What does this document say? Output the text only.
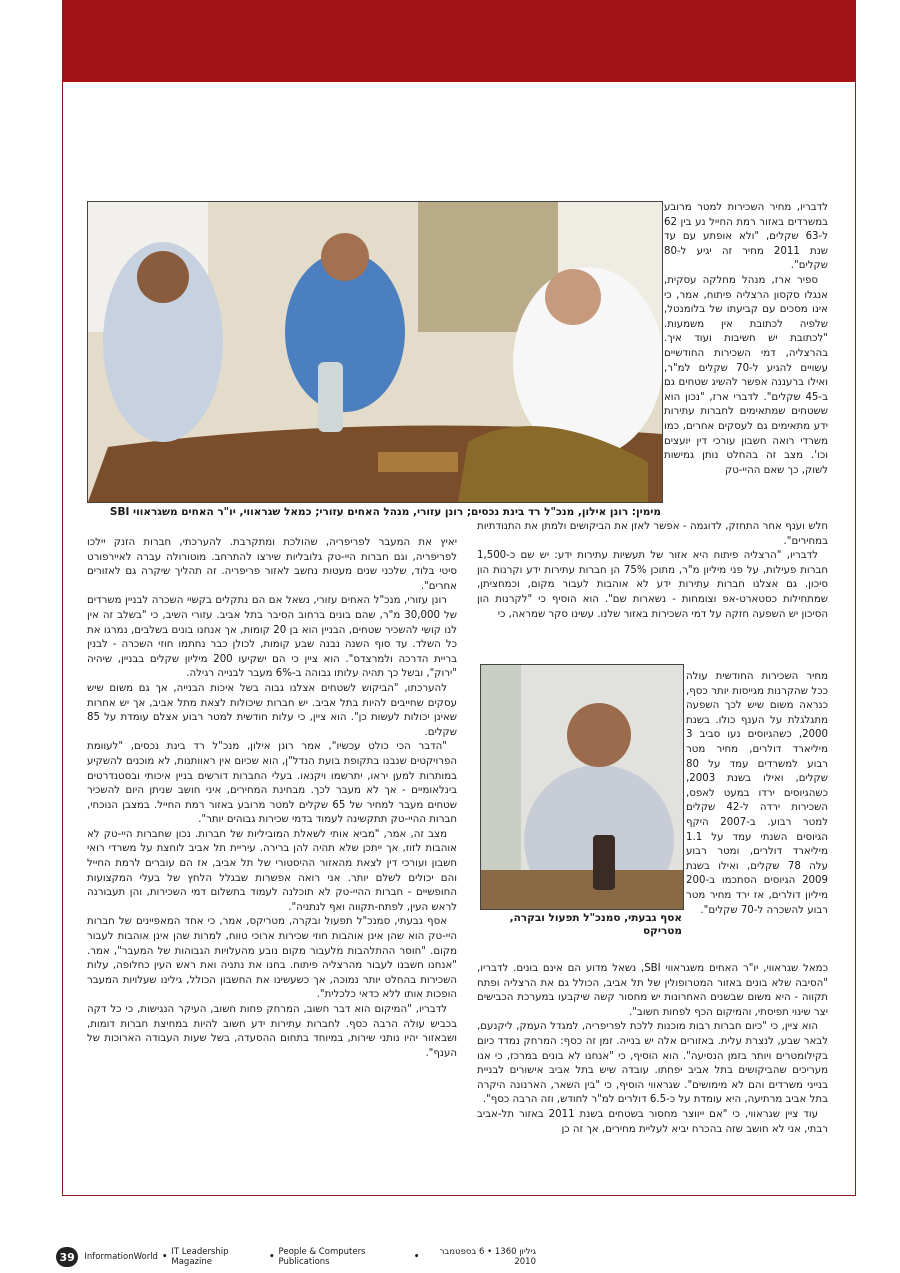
לדבריו, מחיר השכירות למטר מרובע במשרדים באזור רמת החייל נע בין 62 ל-63 שקלים, "ולא אופתע עם עד שנת 2011 מחיר זה יגיע ל-80 שקלים".

ספיר ארז, מנהל מחלקה עסקית, אנגלו סקסון הרצליה פיתוח, אמר, כי אינו מסכים עם קביעתו של בלומנטל, שלפיה לכתובת אין משמעות. "לכתובת יש חשיבות ועוד איך. בהרצליה, דמי השכירות החודשיים עשויים להגיע ל-70 שקלים למ"ר, ואילו ברעננה אפשר להשיג שטחים גם ב-45 שקלים". לדברי ארז, "נכון הוא ששטחים שמתאימים לחברות עתירות ידע מתאימים גם לעסקים אחרים, כמו משרדי רואה חשבון עורכי דין יועצים וכו'. מצב זה בהחלט נותן גמישות לשוק, כך שאם ההיי-טק

מימין: רונן אילון, מנכ"ל רד בינת נכסים; רונן עזורי, מנהל האחים עזורי; כמאל שגראווי, יו"ר האחים משגראווי SBI

חלש וענף אחר התחזק, לדוגמה - אפשר לאזן את הביקושים ולמתן את התנודתיות במחירים".

לדבריו, "הרצליה פיתוח היא אזור של תעשיות עתירות ידע: יש שם כ-1,500 חברות פעילות, על פני מיליון מ"ר, מתוכן 75% הן חברות עתירות ידע וקרנות הון סיכון. גם אצלנו חברות עתירות ידע לא אוהבות לעבור מקום, וכמחציתן, שמתחילות כסטארט-אפ וצומחות - נשארות שם". הוא הוסיף כי "לקרנות הון הסיכון יש השפעה חזקה על דמי השכירות באזור שלנו. עשינו סקר שמראה, כי

אסף גבעתי, סמנכ"ל תפעול ובקרה, מטריקס

מחיר השכירות החודשית עולה ככל שהקרנות מגייסות יותר כסף, כנראה משום שיש לכך השפעה מתגלגלת על הענף כולו. בשנת 2000, כשהגיוסים נעו סביב 3 מיליארד דולרים, מחיר מטר רבוע למשרדים עמד על 80 שקלים, ואילו בשנת 2003, כשהגיוסים ירדו במעט לאפס, השכירות ירדה ל-42 שקלים למטר רבוע. ב-2007 היקף הגיוסים השנתי עמד על 1.1 מיליארד דולרים, ומטר רבוע עלה 78 שקלים, ואילו בשנת 2009 הגיוסים הסתכמו ב-200 מיליון דולרים, אז ירד מחיר מטר רבוע להשכרה ל-70 שקלים".

כמאל שגראווי, יו"ר האחים משגראווי SBI, נשאל מדוע הם אינם בונים. לדבריו, "הסיבה שלא בונים באזור המטרופולין של תל אביב, הכולל גם את הרצליה ופתח תקווה - היא משום שבשנים האחרונות יש מחסור קשה שיקבעו במערכת הכבישים יצר שינוי תפיסתי, והמיקום הכף לפחות חשוב".

הוא ציין, כי "כיום חברות רבות מוכנות ללכת לפריפריה, למגדל העמק, ליקנעם, לבאר שבע, לנצרת עלית. באזורים אלה יש בנייה. זמן זה כסף: המרחק נמדד כיום בקילומטרים ויותר בזמן הנסיעה". הוא הוסיף, כי "אנחנו לא בונים במרכז, כי אנו מעריכים שהביקושים בתל אביב יפחתו. עובדה שיש בתל אביב אישורים לבניית בנייני משרדים והם לא מימושים". שגראווי הוסיף, כי "בין השאר, הארנונה היקרה בתל אביב מרתיעה, היא עומדת על כ-6.5 דולרים למ"ר לחודש, וזה הרבה כסף".

עוד ציין שגראווי, כי "אם ייווצר מחסור בשטחים בשנת 2011 באזור תל-אביב רבתי, אני לא חושב שזה בהכרח יביא לעליית מחירים, אך זה כן

יאיץ את המעבר לפריפריה, שהולכת ומתקרבת. להערכתי, חברות הזנק יילכו לפריפריה, וגם חברות היי-טק גלובליות שירצו להתרחב. מוטורולה עברה לאיירפורט סיטי בלוד, שלכני שנים מעטות נחשב לאזור פריפריה. זה תהליך שיקרה גם לאזורים אחרים".

רונן עזורי, מנכ"ל האחים עזורי, נשאל אם הם נתקלים בקשיי השכרה לבניין משרדים של 30,000 מ"ר, שהם בונים ברחוב הסיבר בתל אביב. עזורי השיב, כי "בשלב זה אין לנו קושי להשכיר שטחים, הבניין הוא בן 20 קומות, אך אנחנו בונים בשלבים, נמרגו את כל השלד. עד סוף השנה נבנה שבע קומות, לכולן כבר נחתמו חוזי השכרה - לבנין בריית הדרכה ולמרצדס". הוא ציין כי הם ישקיעו 200 מיליון שקלים בבניין, שיהיה "ירוק", ובשל כך תהיה עלותו גבוהה ב-6% מעבר לבנייה רגילה.

להערכתו, "הביקוש לשטחים אצלנו גבוה בשל איכות הבנייה, אך גם משום שיש עסקים שחייבים להיות בתל אביב. יש חברות שיכולות לצאת מתל אביב, אך יש אחרות שאינן יכולות לעשות כן". הוא ציין, כי עלות חודשית למטר רבוע אצלם עומדת על 85 שקלים.

"הדבר הכי כולט עכשיו", אמר רונן אילון, מנכ"ל רד בינת נכסים, "לעוומת הפרויקטים שנבנו בתקופת בועת הנדל"ן, הוא שכיום אין ראוותנות, לא מוכנים להשקיע במותרות למען יראו, יתרשמו ויקנאו. בעלי החברות דורשים בניין איכותי ובסטנדרטים בינלאומיים - אך לא מעבר לכך. מבחינת המחירים, איני חושב שניתן היום להשכיר שטחים מעבר למחיר של 65 שקלים למטר מרובע באזור רמת החייל. במצבן הנוכחי, חברות ההיי-טק תתקשינה לעמוד בדמי שכירות גבוהים יותר".

מצב זה, אמר, "מביא אותי לשאלת המוביליות של חברות. נכון שחברות היי-טק לא אוהבות לזוז, אך ייתכן שלא תהיה להן ברירה. עיריית תל אביב לוחצת על משרדי רואי חשבון ועורכי דין לצאת מהאזור ההיסטורי של תל אביב, אז הם עוברים לרמת החייל והם יכולים לשלם יותר. אני רואה אפשרות שבגלל הלחץ של בעלי המקצועות החופשיים - חברות ההיי-טק לא תוכלנה לעמוד בתשלום דמי השכירות, והן תעבורנה לראש העין, לפתח-תקווה ואף לנתניה".

אסף גבעתי, סמנכ"ל תפעול ובקרה, מטריקס, אמר, כי אחד המאפיינים של חברות היי-טק הוא שהן אינן אוהבות חוזי שכירות ארוכי טווח, למרות שהן אינן אוהבות לעבור מקום. "חוסר ההתלהבות מלעבור מקום נובע מהעלויות הגבוהות של המעבר", אמר. "אנחנו חשבנו לעבור מהרצליה פיתוח. בחנו את נתניה ואת ראש העין כחלופה, עלות השכירות בהחלט יותר נמוכה, אך כשעשינו את החשבון הכולל, גילינו שעלויות המעבר הופכות אותו ללא כדאי כלכלית".

לדבריו, "המיקום הוא דבר חשוב, המרחק פחות חשוב, העיקר הנגישות, כי כל דקה בכביש עולה הרבה כסף. לחברות עתירות ידע חשוב להיות במחיצת חברות דומות, ושבאזור יהיו נותני שירות, במיוחד בתחום ההסעדה, בשל שעות העבודה הארוכות של הענף".

39	InformationWorld • IT Leadership Magazine	• People & Computers Publications	•	גיליון 1360 • 6 בספטמבר 2010
